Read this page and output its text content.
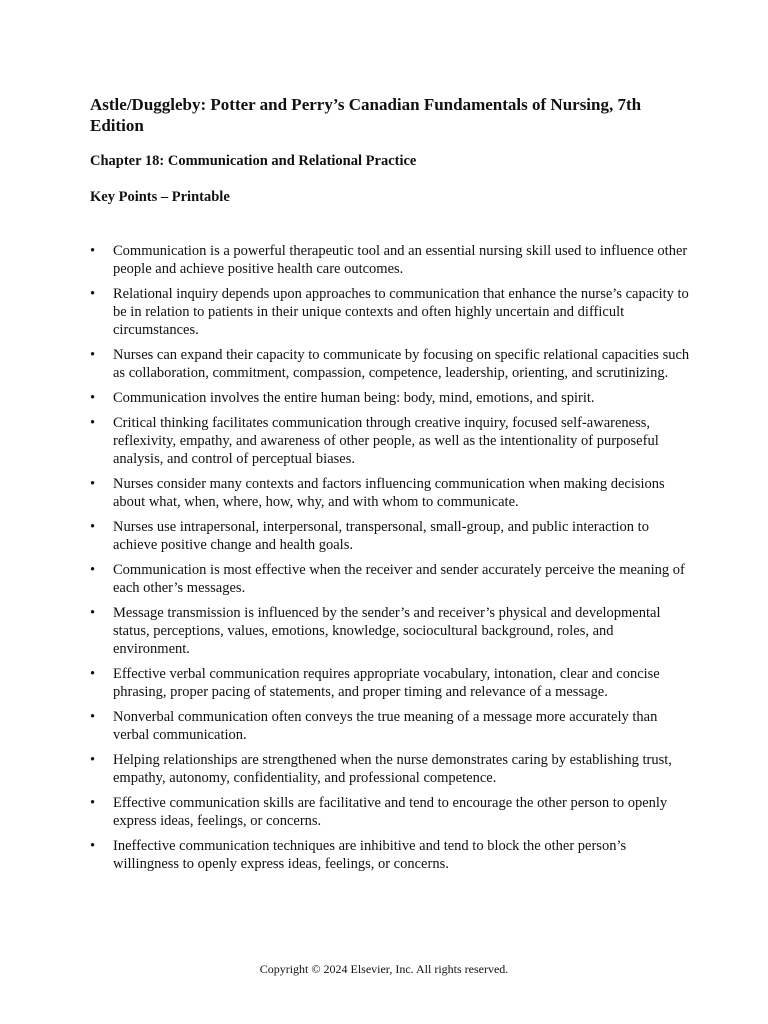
Astle/Duggleby: Potter and Perry’s Canadian Fundamentals of Nursing, 7th Edition
Chapter 18: Communication and Relational Practice
Key Points – Printable
•	Communication is a powerful therapeutic tool and an essential nursing skill used to influence other people and achieve positive health care outcomes.
•	Relational inquiry depends upon approaches to communication that enhance the nurse’s capacity to be in relation to patients in their unique contexts and often highly uncertain and difficult circumstances.
•	Nurses can expand their capacity to communicate by focusing on specific relational capacities such as collaboration, commitment, compassion, competence, leadership, orienting, and scrutinizing.
•	Communication involves the entire human being: body, mind, emotions, and spirit.
•	Critical thinking facilitates communication through creative inquiry, focused self-awareness, reflexivity, empathy, and awareness of other people, as well as the intentionality of purposeful analysis, and control of perceptual biases.
•	Nurses consider many contexts and factors influencing communication when making decisions about what, when, where, how, why, and with whom to communicate.
•	Nurses use intrapersonal, interpersonal, transpersonal, small-group, and public interaction to achieve positive change and health goals.
•	Communication is most effective when the receiver and sender accurately perceive the meaning of each other’s messages.
•	Message transmission is influenced by the sender’s and receiver’s physical and developmental status, perceptions, values, emotions, knowledge, sociocultural background, roles, and environment.
•	Effective verbal communication requires appropriate vocabulary, intonation, clear and concise phrasing, proper pacing of statements, and proper timing and relevance of a message.
•	Nonverbal communication often conveys the true meaning of a message more accurately than verbal communication.
•	Helping relationships are strengthened when the nurse demonstrates caring by establishing trust, empathy, autonomy, confidentiality, and professional competence.
•	Effective communication skills are facilitative and tend to encourage the other person to openly express ideas, feelings, or concerns.
•	Ineffective communication techniques are inhibitive and tend to block the other person’s willingness to openly express ideas, feelings, or concerns.

Copyright © 2024 Elsevier, Inc. All rights reserved.
